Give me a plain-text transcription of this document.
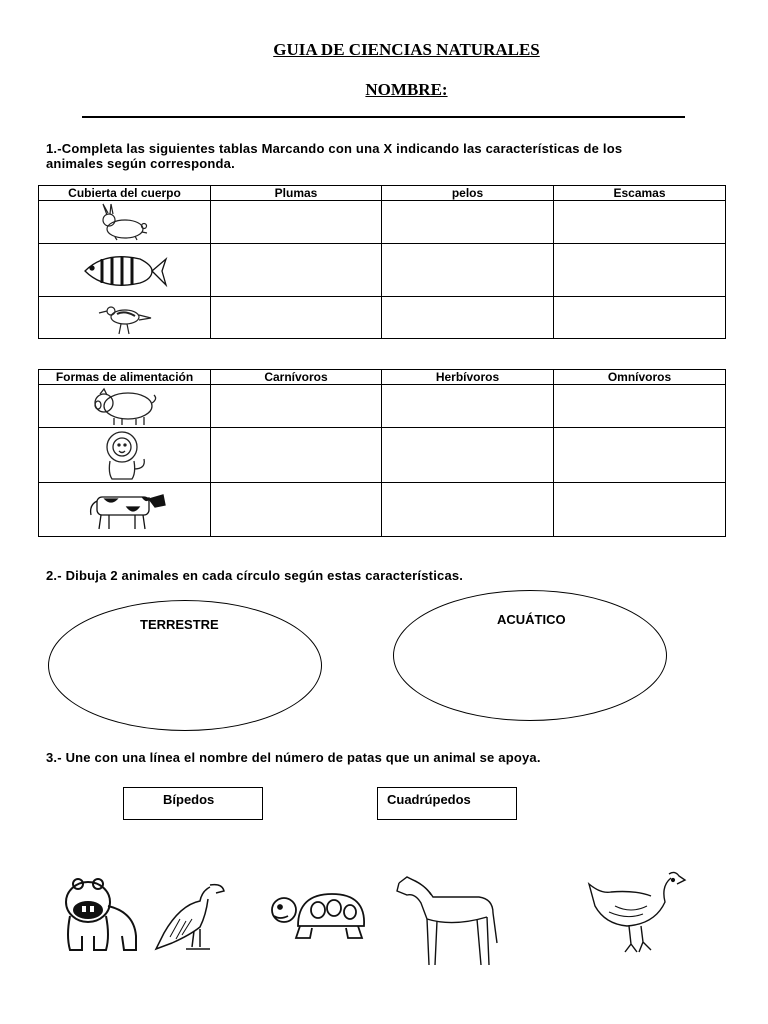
GUIA DE CIENCIAS NATURALES
NOMBRE:
1.-Completa las siguientes tablas Marcando con una X indicando las características de los
animales según corresponda.
Cubierta del cuerpo	Plumas	pelos	Escamas

Formas de alimentación	Carnívoros	Herbívoros	Omnívoros

2.- Dibuja 2 animales en cada círculo según estas características.
TERRESTRE	ACUÁTICO
3.- Une con una línea el nombre del número de patas que un animal se apoya.
Bípedos	Cuadrúpedos
